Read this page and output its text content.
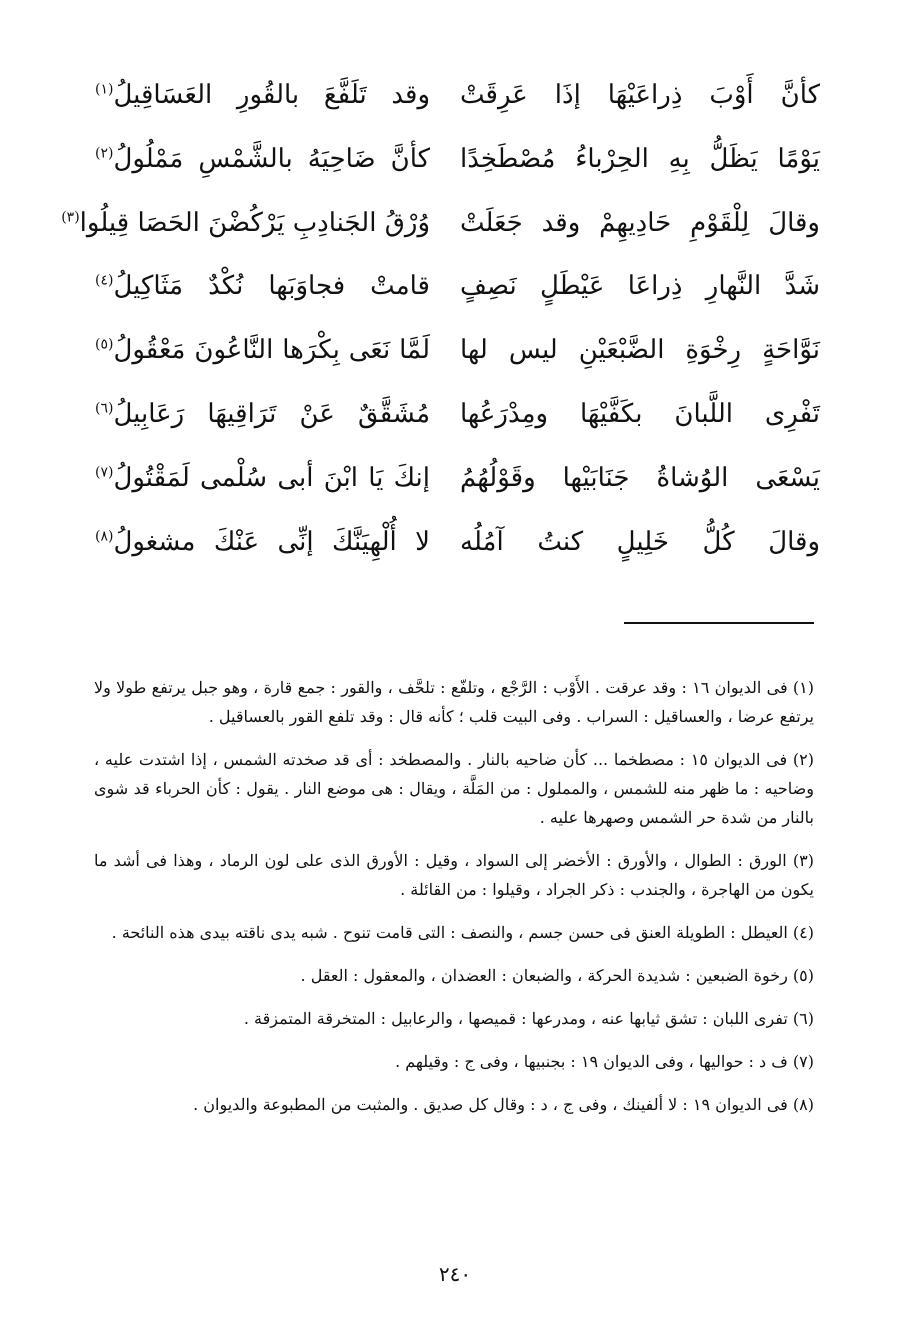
كأنَّ أَوْبَ ذِراعَيْهَا إذَا عَرِقَتْ
وقد تَلَفَّعَ بالقُورِ العَسَاقِيلُ$^{(١)}$
يَوْمًا يَظَلُّ بِهِ الحِرْباءُ مُصْطَخِدًا
كأنَّ ضَاحِيَهُ بالشَّمْسِ مَمْلُولُ$^{(٢)}$
وقالَ لِلْقَوْمِ حَادِيهِمْ وقد جَعَلَتْ
وُرْقُ الجَنادِبِ يَرْكُضْنَ الحَصَا قِيلُوا$^{(٣)}$
شَدَّ النَّهارِ ذِراعَا عَيْطَلٍ نَصِفٍ
قامتْ فجاوَبَها نُكْدٌ مَثَاكِيلُ$^{(٤)}$
نَوَّاحَةٍ رِخْوَةِ الضَّبْعَيْنِ ليس لها
لَمَّا نَعَى بِكْرَها النَّاعُونَ مَعْقُولُ$^{(٥)}$
تَفْرِى اللَّبانَ بكَفَّيْهَا ومِدْرَعُها
مُشَقَّقٌ عَنْ تَرَاقِيهَا رَعَابِيلُ$^{(٦)}$
يَسْعَى الوُشاةُ جَنَابَيْها وقَوْلُهُمُ
إنكَ يَا ابْنَ أبى سُلْمى لَمَقْتُولُ$^{(٧)}$
وقالَ كُلُّ خَلِيلٍ كنتُ آمُلُه
لا أُلْهِيَنَّكَ إنِّى عَنْكَ مشغولُ$^{(٨)}$

(١) فى الديوان ١٦ : وقد عرقت . الأَوْب : الرَّجْع ، وتلفّع : تلحَّف ، والقور : جمع قارة ، وهو جبل يرتفع طولا ولا يرتفع عرضا ، والعساقيل : السراب . وفى البيت قلب ؛ كأنه قال : وقد تلفع القور بالعساقيل .

(٢) فى الديوان ١٥ : مصطخما ... كأن ضاحيه بالنار . والمصطخد : أى قد صخدته الشمس ، إذا اشتدت عليه ، وضاحيه : ما ظهر منه للشمس ، والمملول : من المَلَّة ، ويقال : هى موضع النار . يقول : كأن الحرباء قد شوى بالنار من شدة حر الشمس وصهرها عليه .

(٣) الورق : الطوال ، والأورق : الأخضر إلى السواد ، وقيل : الأورق الذى على لون الرماد ، وهذا فى أشد ما يكون من الهاجرة ، والجندب : ذكر الجراد ، وقيلوا : من القائلة .

(٤) العيطل : الطويلة العنق فى حسن جسم ، والنصف : التى قامت تنوح . شبه يدى ناقته بيدى هذه النائحة .

(٥) رخوة الضبعين : شديدة الحركة ، والضبعان : العضدان ، والمعقول : العقل .

(٦) تفرى اللبان : تشق ثيابها عنه ، ومدرعها : قميصها ، والرعابيل : المتخرقة المتمزقة .

(٧) ف د : حواليها ، وفى الديوان ١٩ : بجنبيها ، وفى ج : وقيلهم .

(٨) فى الديوان ١٩ : لا ألفينك ، وفى ج ، د : وقال كل صديق . والمثبت من المطبوعة والديوان .

٢٤٠
